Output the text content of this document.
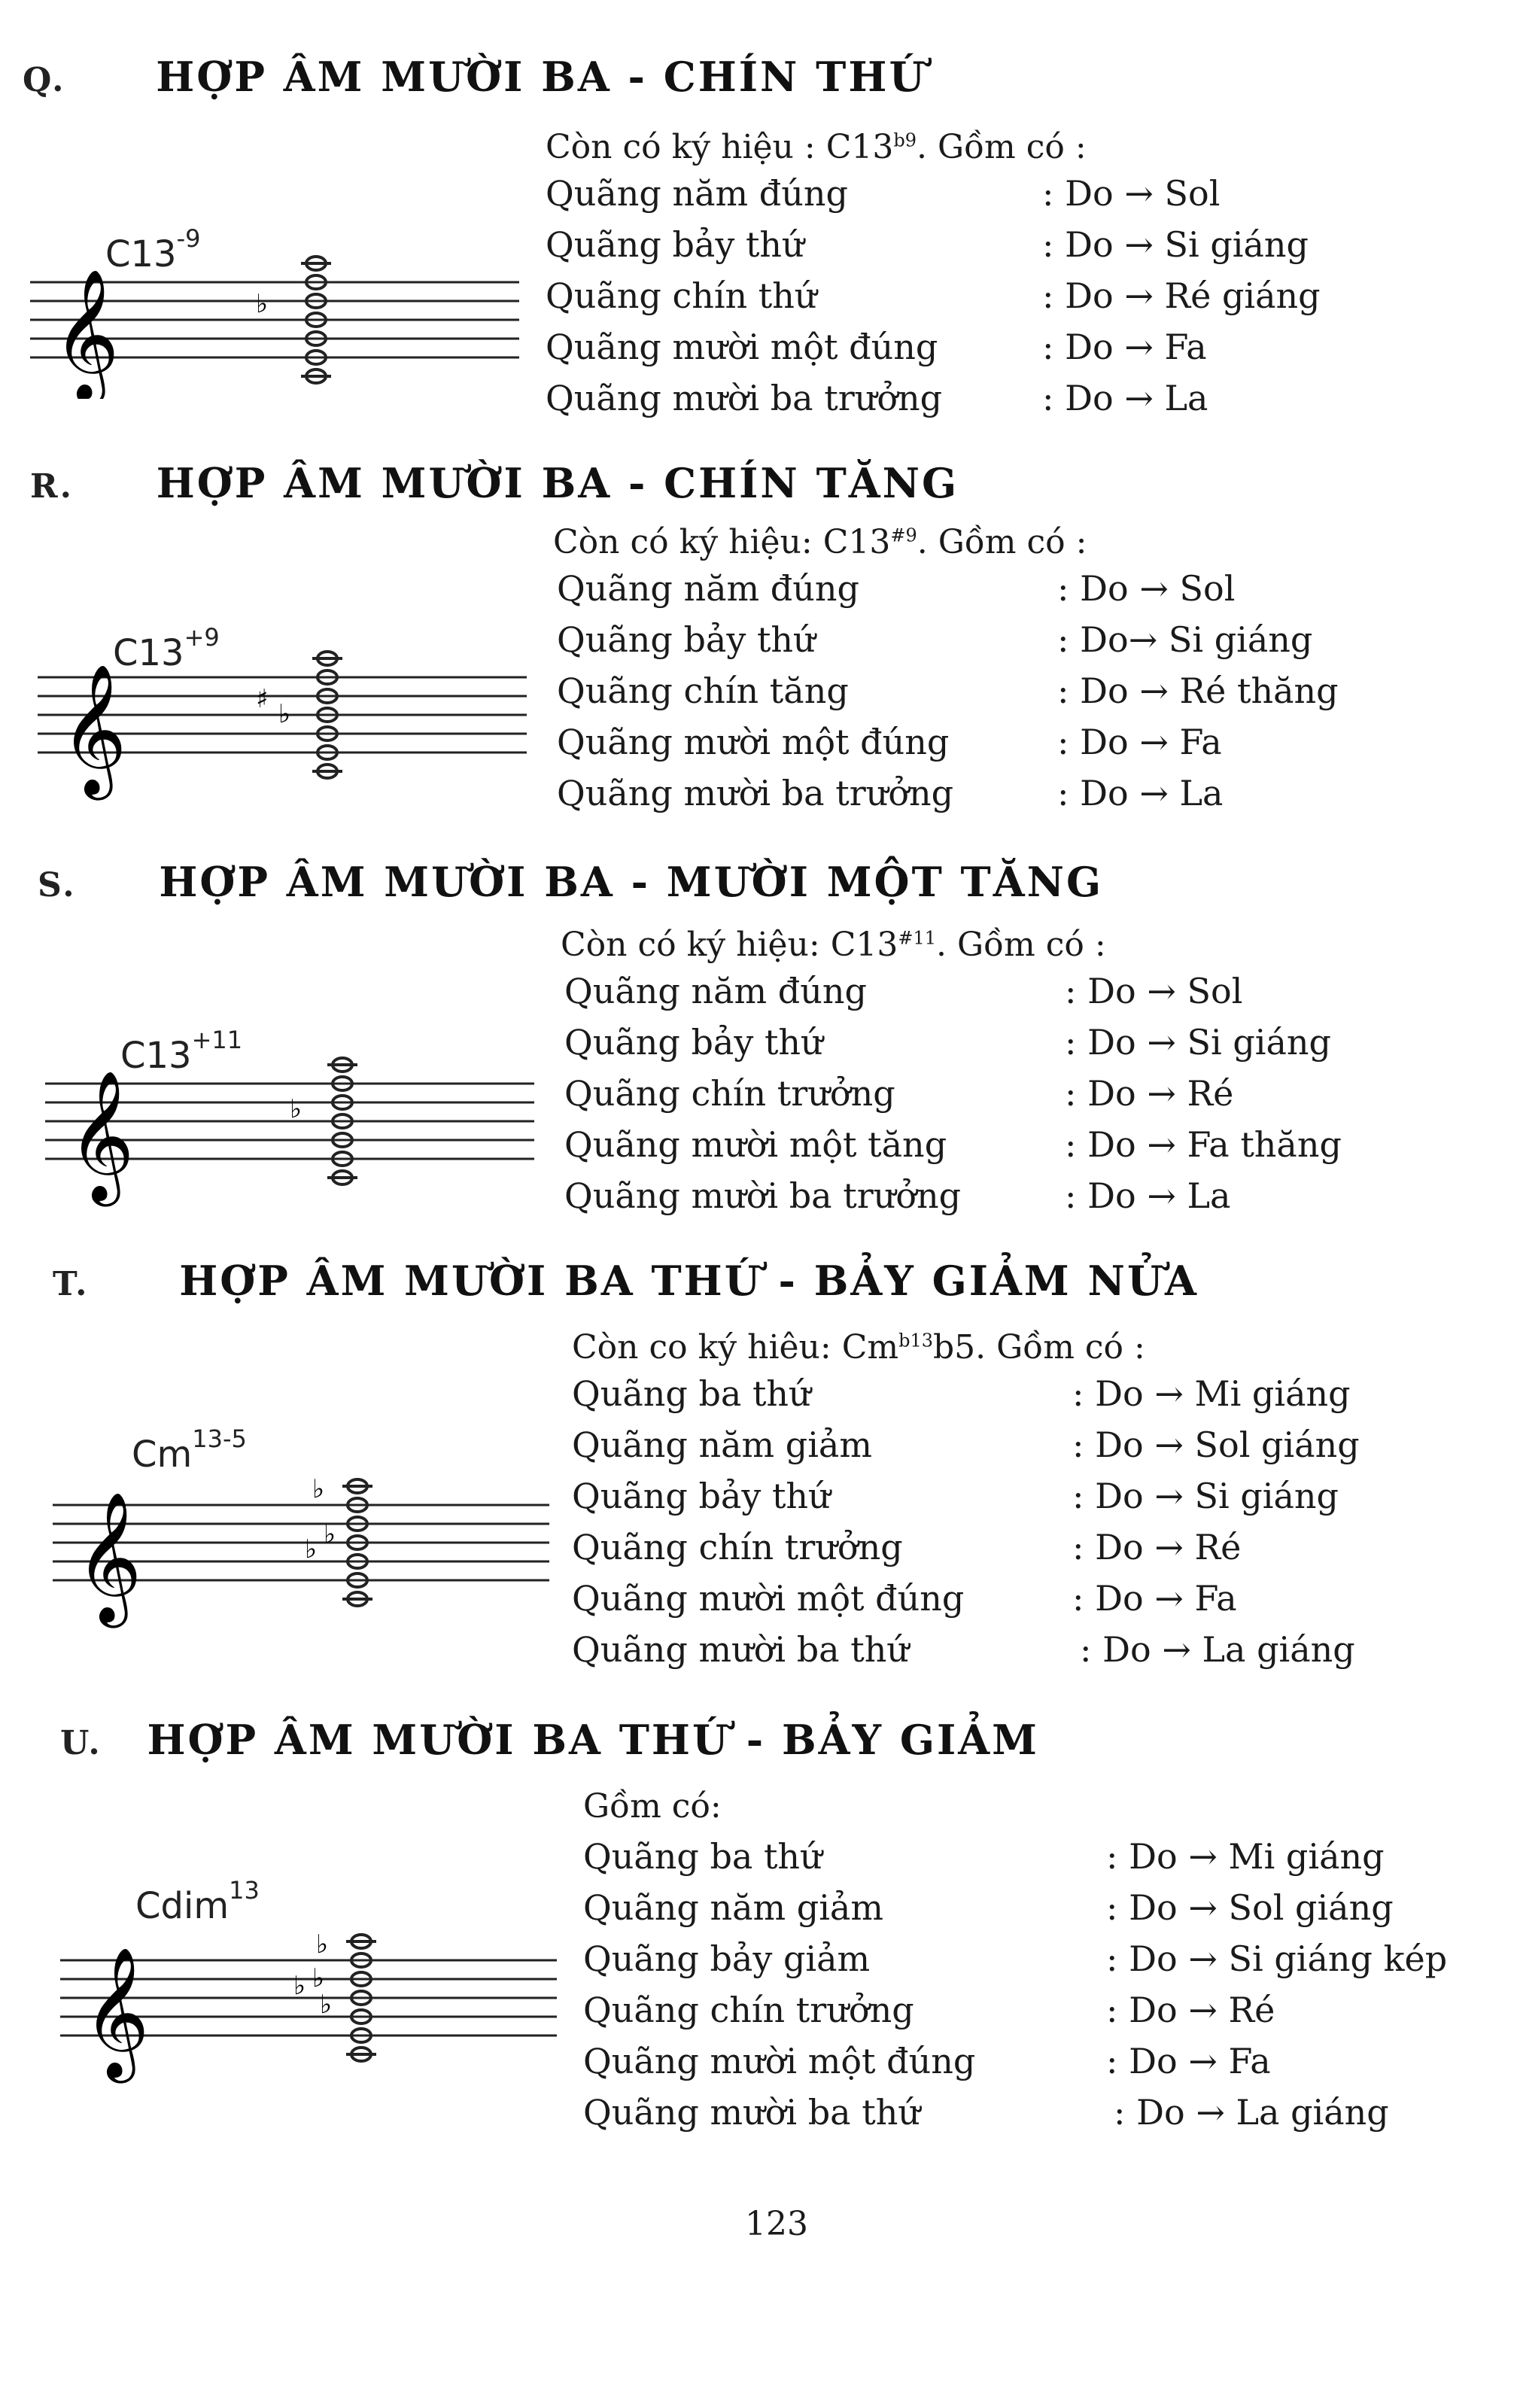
Q. HỢP ÂM MƯỜI BA - CHÍN THỨ
Còn có ký hiệu : $C13^{b9}$. Gồm có :
𝄞	♭
$C13^{-9}$
Quãng năm đúng	: Do → Sol
Quãng bảy thứ	: Do → Si giáng
Quãng chín thứ	: Do → Ré giáng
Quãng mười một đúng	: Do → Fa
Quãng mười ba trưởng	: Do → La
R. HỢP ÂM MƯỜI BA - CHÍN TĂNG
Còn có ký hiệu: C13$^{\#9}$. Gồm có :
𝄞	♯ ♭
$C13^{+9}$
Quãng năm đúng	: Do → Sol
Quãng bảy thứ	: Do→ Si giáng
Quãng chín tăng	: Do → Ré thăng
Quãng mười một đúng	: Do → Fa
Quãng mười ba trưởng	: Do → La
S. HỢP ÂM MƯỜI BA - MƯỜI MỘT TĂNG
Còn có ký hiệu: C13$^{\#11}$. Gồm có :
𝄞	♭
$C13^{+11}$
Quãng năm đúng	: Do → Sol
Quãng bảy thứ	: Do → Si giáng
Quãng chín trưởng	: Do → Ré
Quãng mười một tăng	: Do → Fa thăng
Quãng mười ba trưởng	: Do → La
T. HỢP ÂM MƯỜI BA THỨ - BẢY GIẢM NỬA
Còn co ký hiêu: $Cm^{b13}b5$. Gồm có :
𝄞
♭
♭ ♭
Cm$^{13-5}$
Quãng ba thứ	: Do → Mi giáng
Quãng năm giảm	: Do → Sol giáng
Quãng bảy thứ	: Do → Si giáng
Quãng chín trưởng	: Do → Ré
Quãng mười một đúng	: Do → Fa
Quãng mười ba thứ	: Do → La giáng
U. HỢP ÂM MƯỜI BA THỨ - BẢY GIẢM
Gồm có:
𝄞
♭
♭ ♭
♭
Cdim$^{13}$
Quãng ba thứ	: Do → Mi giáng
Quãng năm giảm	: Do → Sol giáng
Quãng bảy giảm	: Do → Si giáng kép
Quãng chín trưởng	: Do → Ré
Quãng mười một đúng	: Do → Fa
Quãng mười ba thứ	: Do → La giáng
123
